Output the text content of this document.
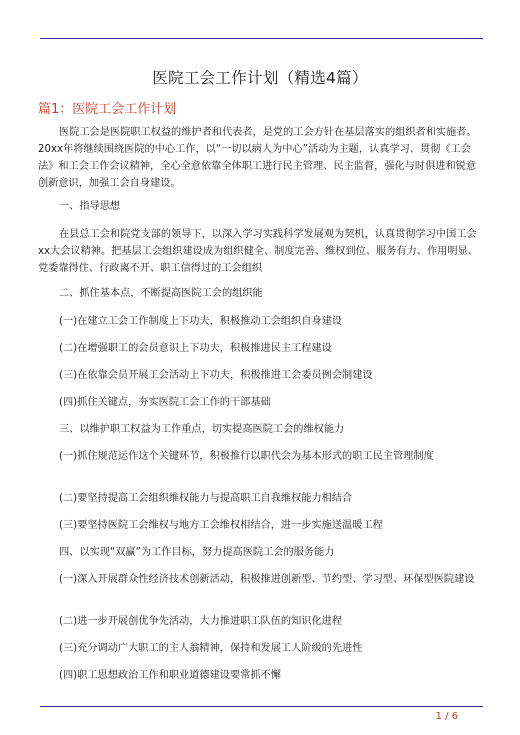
医院工会工作计划（精选4篇）
篇1：医院工会工作计划
医院工会是医院职工权益的维护者和代表者，是党的工会方针在基层落实的组织者和实施者。20xx年将继续围绕医院的中心工作，以“一切以病人为中心”活动为主题，认真学习、贯彻《工会法》和工会工作会议精神，全心全意依靠全体职工进行民主管理、民主监督，强化与时俱进和锐意创新意识，加强工会自身建设。
一、指导思想
在县总工会和院党支部的领导下，以深入学习实践科学发展观为契机，认真贯彻学习中国工会xx大会议精神。把基层工会组织建设成为组织健全、制度完善、维权到位、服务有力、作用明显、党委靠得住、行政离不开、职工信得过的工会组织
二、抓住基本点，不断提高医院工会的组织能
(一)在建立工会工作制度上下功夫，积极推动工会组织自身建设
(二)在增强职工的会员意识上下功夫，积极推进民主工程建设
(三)在依靠会员开展工会活动上下功夫，积极推进工会委员例会制建设
(四)抓住关键点，夯实医院工会工作的干部基础
三、以维护职工权益为工作重点，切实提高医院工会的维权能力
(一)抓住规范运作这个关键环节，积极推行以职代会为基本形式的职工民主管理制度
(二)要坚持提高工会组织维权能力与提高职工自我维权能力相结合
(三)要坚持医院工会维权与地方工会维权相结合，进一步实施送温暖工程
四、以实现“双赢”为工作目标，努力提高医院工会的服务能力
(一)深入开展群众性经济技术创新活动，积极推进创新型、节约型、学习型、环保型医院建设
(二)进一步开展创优争先活动，大力推进职工队伍的知识化进程
(三)充分调动广大职工的主人翁精神，保持和发展工人阶级的先进性
(四)职工思想政治工作和职业道德建设要常抓不懈
1 / 6
